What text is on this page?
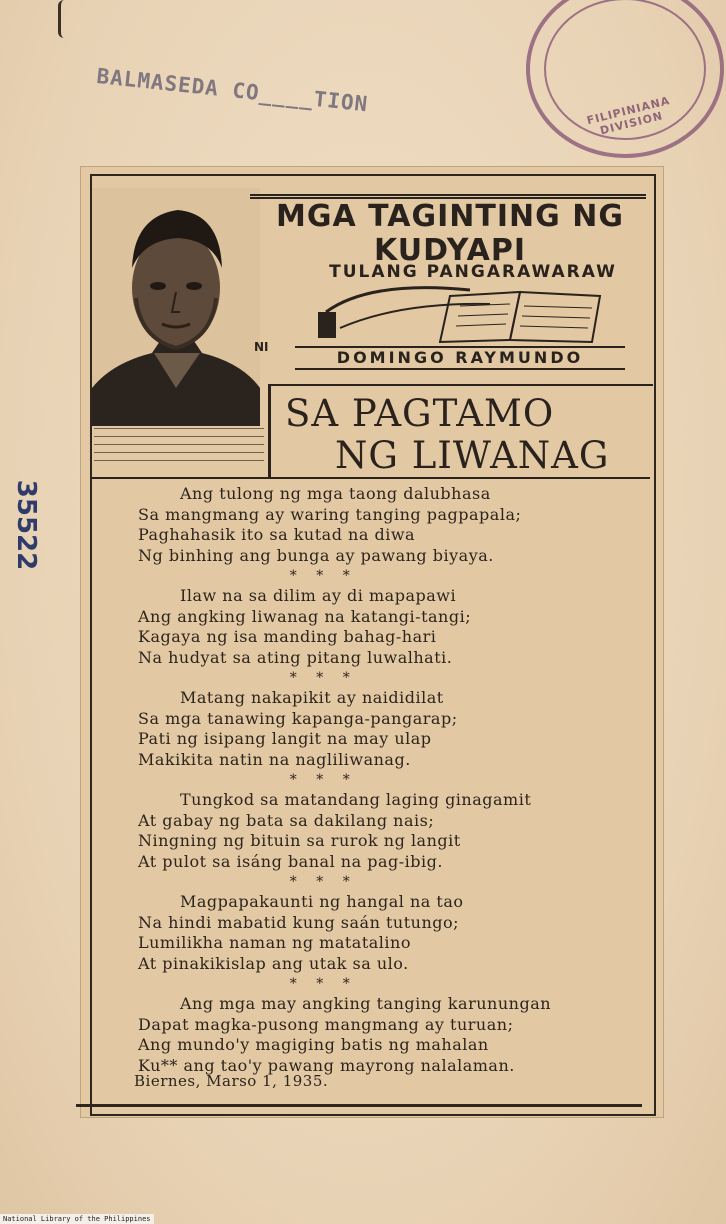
BALMASEDA CO____TION	FILIPINIANA DIVISION
35522
MGA TAGINTING NG
KUDYAPI
TULANG PANGARAWARAW
NI
DOMINGO RAYMUNDO
SA PAGTAMO
NG LIWANAG
Ang tulong ng mga taong dalubhasa
Sa mangmang ay waring tanging pagpapala;
Paghahasik ito sa kutad na diwa
Ng binhing ang bunga ay pawang biyaya.
* * *
Ilaw na sa dilim ay di mapapawi
Ang angking liwanag na katangi-tangi;
Kagaya ng isa manding bahag-hari
Na hudyat sa ating pitang luwalhati.
* * *
Matang nakapikit ay naididilat
Sa mga tanawing kapanga-pangarap;
Pati ng isipang langit na may ulap
Makikita natin na nagliliwanag.
* * *
Tungkod sa matandang laging ginagamit
At gabay ng bata sa dakilang nais;
Ningning ng bituin sa rurok ng langit
At pulot sa isáng banal na pag-ibig.
* * *
Magpapakaunti ng hangal na tao
Na hindi mabatid kung saán tutungo;
Lumilikha naman ng matatalino
At pinakikislap ang utak sa ulo.
* * *
Ang mga may angking tanging karunungan
Dapat magka-pusong mangmang ay turuan;
Ang mundo'y magiging batis ng mahalan
Ku** ang tao'y pawang mayrong nalalaman.
Biernes, Marso 1, 1935.
National Library of the Philippines
